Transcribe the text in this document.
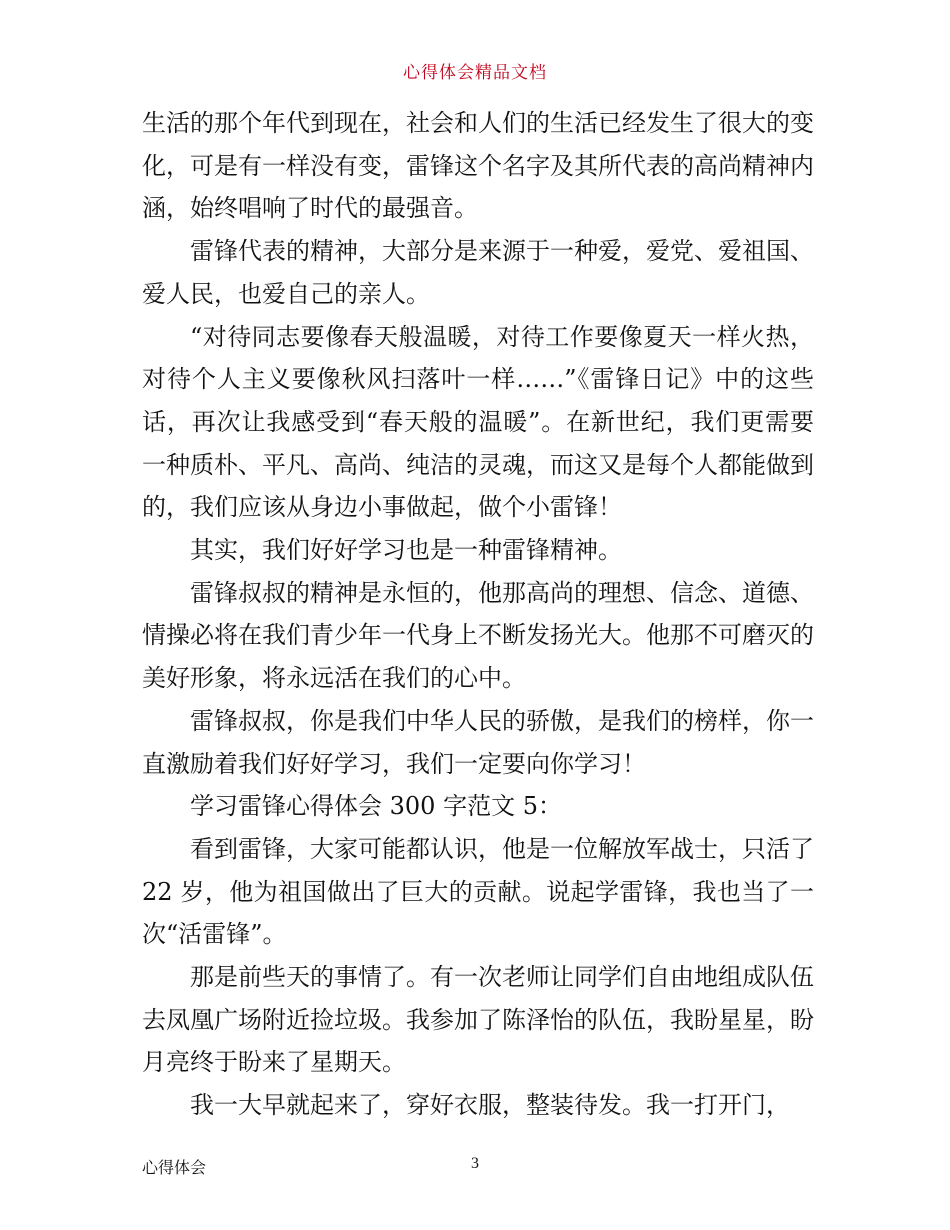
心得体会精品文档

生活的那个年代到现在，社会和人们的生活已经发生了很大的变化，可是有一样没有变，雷锋这个名字及其所代表的高尚精神内涵，始终唱响了时代的最强音。

雷锋代表的精神，大部分是来源于一种爱，爱党、爱祖国、爱人民，也爱自己的亲人。

“对待同志要像春天般温暖，对待工作要像夏天一样火热，对待个人主义要像秋风扫落叶一样……”《雷锋日记》中的这些话，再次让我感受到“春天般的温暖”。在新世纪，我们更需要一种质朴、平凡、高尚、纯洁的灵魂，而这又是每个人都能做到的，我们应该从身边小事做起，做个小雷锋！

其实，我们好好学习也是一种雷锋精神。

雷锋叔叔的精神是永恒的，他那高尚的理想、信念、道德、情操必将在我们青少年一代身上不断发扬光大。他那不可磨灭的美好形象，将永远活在我们的心中。

雷锋叔叔，你是我们中华人民的骄傲，是我们的榜样，你一直激励着我们好好学习，我们一定要向你学习！

学习雷锋心得体会 300 字范文 5：

看到雷锋，大家可能都认识，他是一位解放军战士，只活了 22 岁，他为祖国做出了巨大的贡献。说起学雷锋，我也当了一次“活雷锋”。

那是前些天的事情了。有一次老师让同学们自由地组成队伍去凤凰广场附近捡垃圾。我参加了陈泽怡的队伍，我盼星星，盼月亮终于盼来了星期天。

我一大早就起来了，穿好衣服，整装待发。我一打开门，

心得体会	3
